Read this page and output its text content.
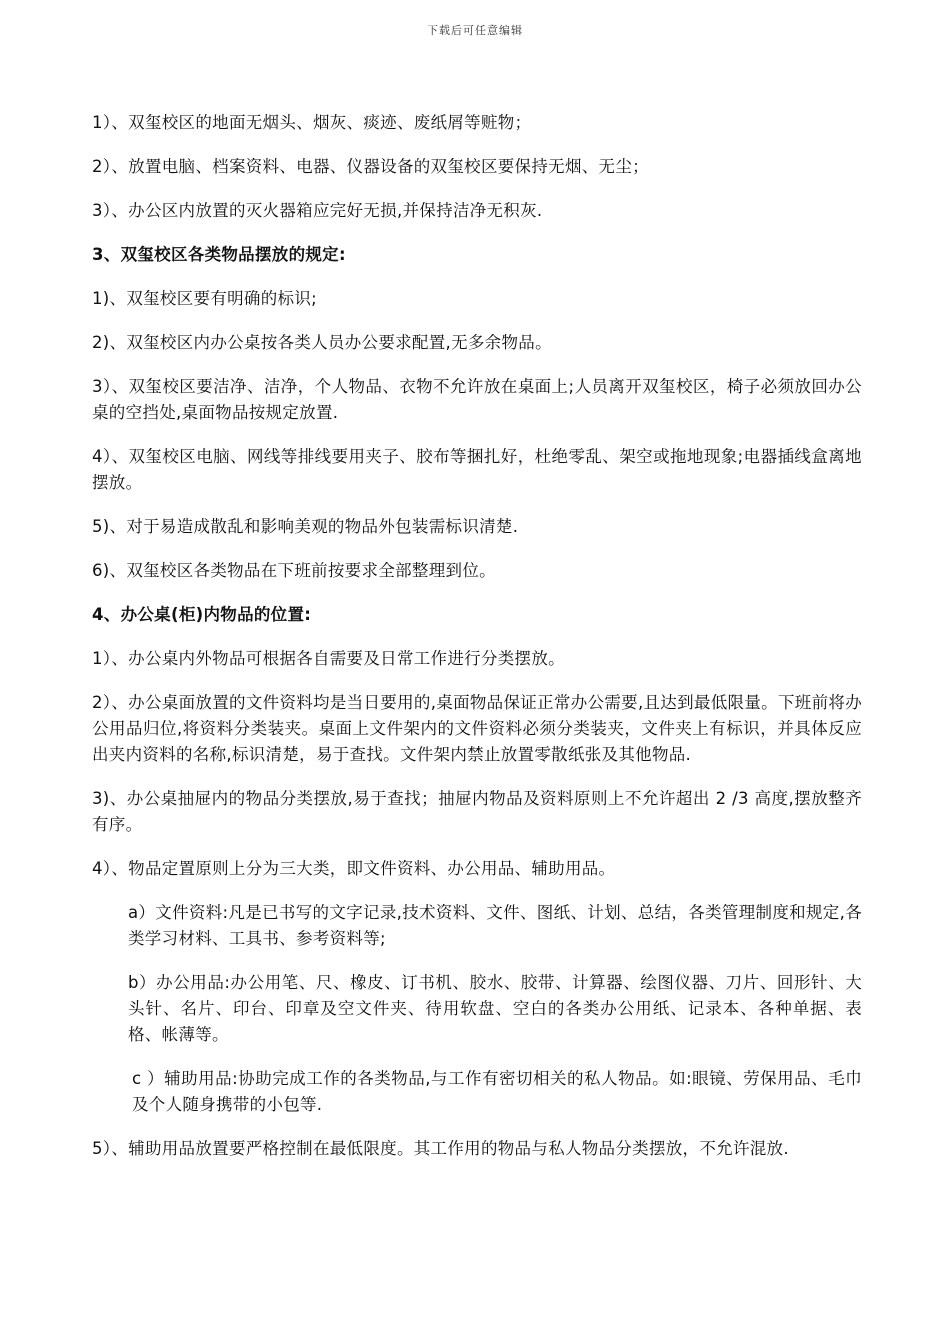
下载后可任意编辑

1）、双玺校区的地面无烟头、烟灰、痰迹、废纸屑等赃物；

2）、放置电脑、档案资料、电器、仪器设备的双玺校区要保持无烟、无尘；

3）、办公区内放置的灭火器箱应完好无损,并保持洁净无积灰.

3、双玺校区各类物品摆放的规定:

1)、双玺校区要有明确的标识;

2)、双玺校区内办公桌按各类人员办公要求配置,无多余物品。

3）、双玺校区要洁净、洁净，个人物品、衣物不允许放在桌面上;人员离开双玺校区，椅子必须放回办公桌的空挡处,桌面物品按规定放置.

4）、双玺校区电脑、网线等排线要用夹子、胶布等捆扎好，杜绝零乱、架空或拖地现象;电器插线盒离地摆放。

5)、对于易造成散乱和影响美观的物品外包装需标识清楚.

6)、双玺校区各类物品在下班前按要求全部整理到位。

4、办公桌(柜)内物品的位置:

1）、办公桌内外物品可根据各自需要及日常工作进行分类摆放。

2）、办公桌面放置的文件资料均是当日要用的,桌面物品保证正常办公需要,且达到最低限量。下班前将办公用品归位,将资料分类装夹。桌面上文件架内的文件资料必须分类装夹，文件夹上有标识，并具体反应出夹内资料的名称,标识清楚，易于查找。文件架内禁止放置零散纸张及其他物品.

3)、办公桌抽屉内的物品分类摆放,易于查找；抽屉内物品及资料原则上不允许超出 2 /3 高度,摆放整齐有序。

4）、物品定置原则上分为三大类，即文件资料、办公用品、辅助用品。

a）文件资料:凡是已书写的文字记录,技术资料、文件、图纸、计划、总结，各类管理制度和规定,各类学习材料、工具书、参考资料等;

b）办公用品:办公用笔、尺、橡皮、订书机、胶水、胶带、计算器、绘图仪器、刀片、回形针、大头针、名片、印台、印章及空文件夹、待用软盘、空白的各类办公用纸、记录本、各种单据、表格、帐薄等。

c ）辅助用品:协助完成工作的各类物品,与工作有密切相关的私人物品。如:眼镜、劳保用品、毛巾及个人随身携带的小包等.

5）、辅助用品放置要严格控制在最低限度。其工作用的物品与私人物品分类摆放，不允许混放.
